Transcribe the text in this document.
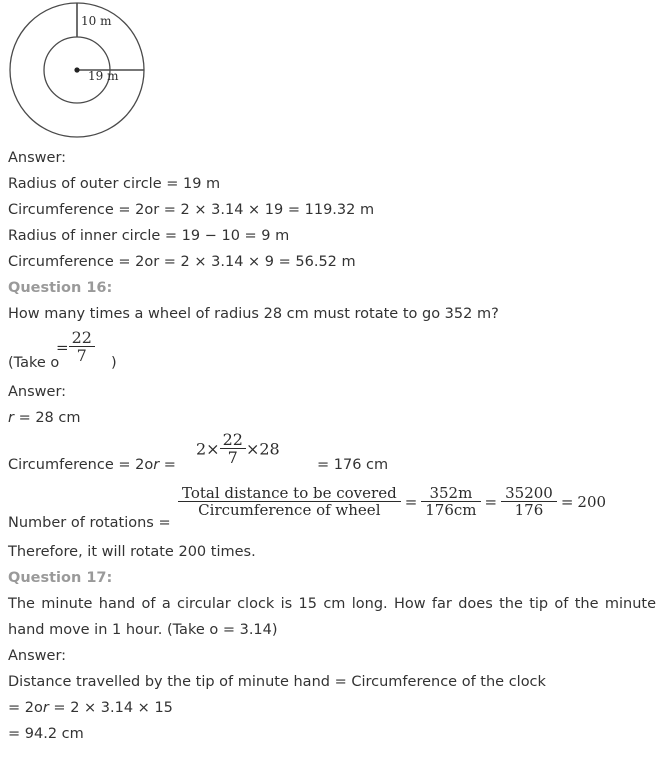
10 m
19 m
Answer:
Radius of outer circle = 19 m
Circumference = 2оr = 2 × 3.14 × 19 = 119.32 m
Radius of inner circle = 19 − 10 = 9 m
Circumference = 2оr = 2 × 3.14 × 9 = 56.52 m
Question 16:
How many times a wheel of radius 28 cm must rotate to go 352 m?
(Take о
= $\frac{22}{7}$ )
Answer:
r = 28 cm
Circumference = 2оr =
$2\times \frac{22}{7} \times 28$
= 176 cm
Number of rotations =
$\frac{\text{Total distance to be covered}}{\text{Circumference of wheel}} = \frac{352m}{176cm} = \frac{35200}{176} = 200$
Therefore, it will rotate 200 times.
Question 17:
The minute hand of a circular clock is 15 cm long. How far does the tip of the minute hand move in 1 hour. (Take о = 3.14)
Answer:
Distance travelled by the tip of minute hand = Circumference of the clock
= 2оr = 2 × 3.14 × 15
= 94.2 cm
